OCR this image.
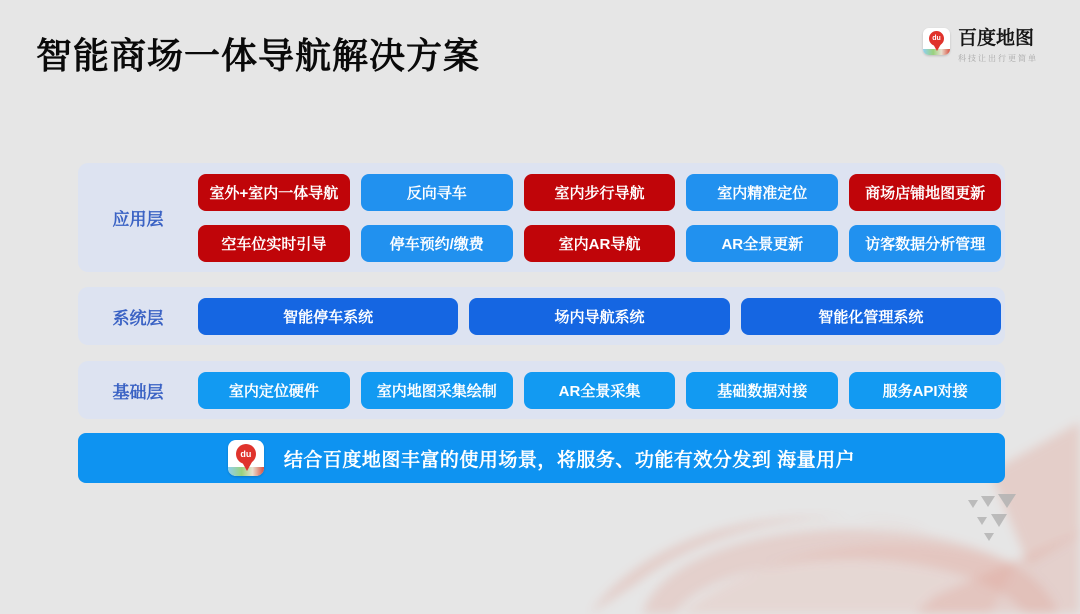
智能商场一体导航解决方案	du 百度地图
科技让出行更简单
应用层
室外+室内一体导航	反向寻车	室内步行导航	室内精准定位	商场店铺地图更新
空车位实时引导	停车预约/缴费	室内AR导航	AR全景更新	访客数据分析管理
系统层	智能停车系统	场内导航系统	智能化管理系统
基础层	室内定位硬件	室内地图采集绘制	AR全景采集	基础数据对接	服务API对接
du 结合百度地图丰富的使用场景，将服务、功能有效分发到 海量用户
